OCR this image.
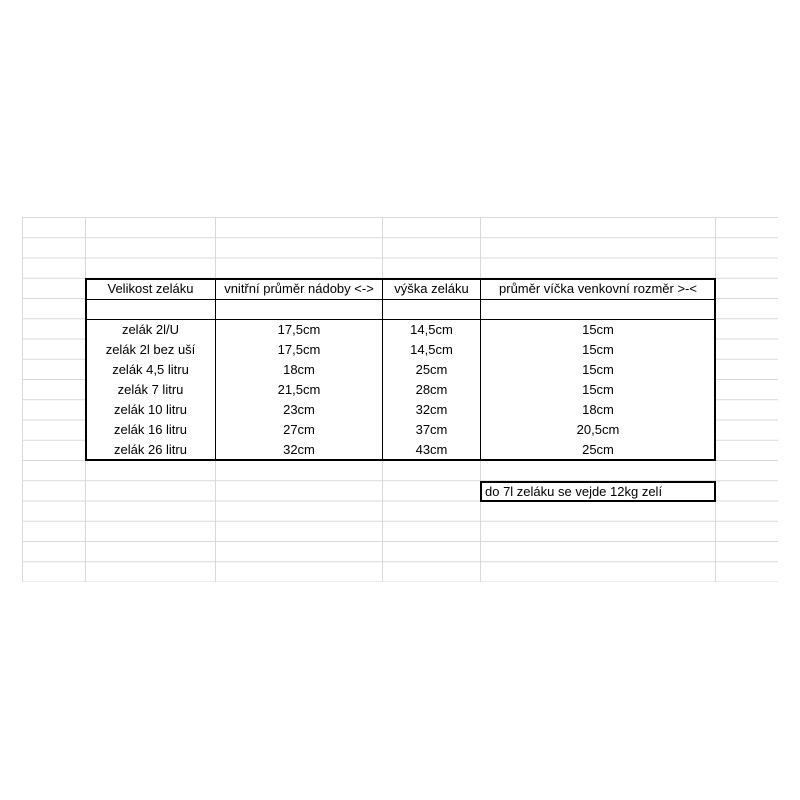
Velikost zeláku	vnitřní průměr nádoby <->	výška zeláku	průměr víčka venkovní rozměr >-<
zelák 2l/U	17,5cm	14,5cm	15cm
zelák 2l bez uší	17,5cm	14,5cm	15cm
zelák 4,5 litru	18cm	25cm	15cm
zelák 7 litru	21,5cm	28cm	15cm
zelák 10 litru	23cm	32cm	18cm
zelák 16 litru	27cm	37cm	20,5cm
zelák 26 litru	32cm	43cm	25cm
do 7l zeláku se vejde 12kg zelí
